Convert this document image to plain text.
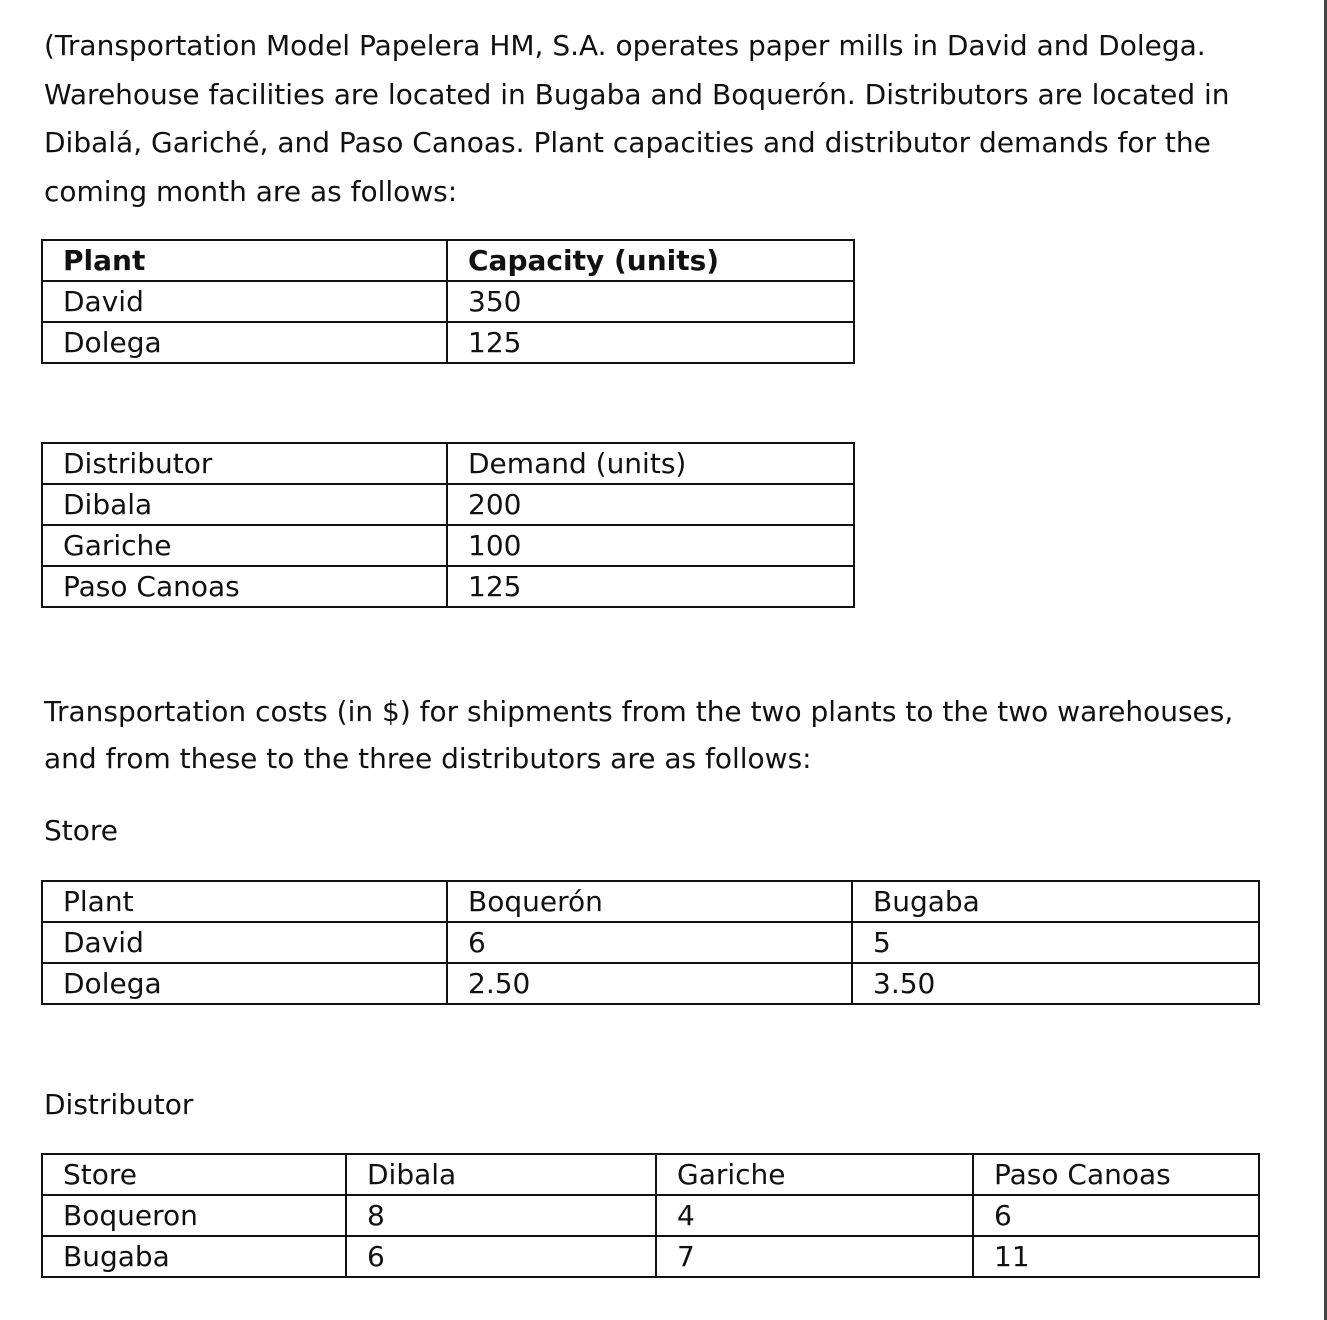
(Transportation Model Papelera HM, S.A. operates paper mills in David and Dolega. Warehouse facilities are located in Bugaba and Boquerón. Distributors are located in Dibalá, Gariché, and Paso Canoas. Plant capacities and distributor demands for the coming month are as follows:

Plant	Capacity (units)
David	350
Dolega	125
Distributor	Demand (units)
Dibala	200
Gariche	100
Paso Canoas	125

Transportation costs (in $) for shipments from the two plants to the two warehouses, and from these to the three distributors are as follows:

Store

Plant	Boquerón	Bugaba
David	6	5
Dolega	2.50	3.50

Distributor

Store	Dibala	Gariche	Paso Canoas
Boqueron	8	4	6
Bugaba	6	7	11
